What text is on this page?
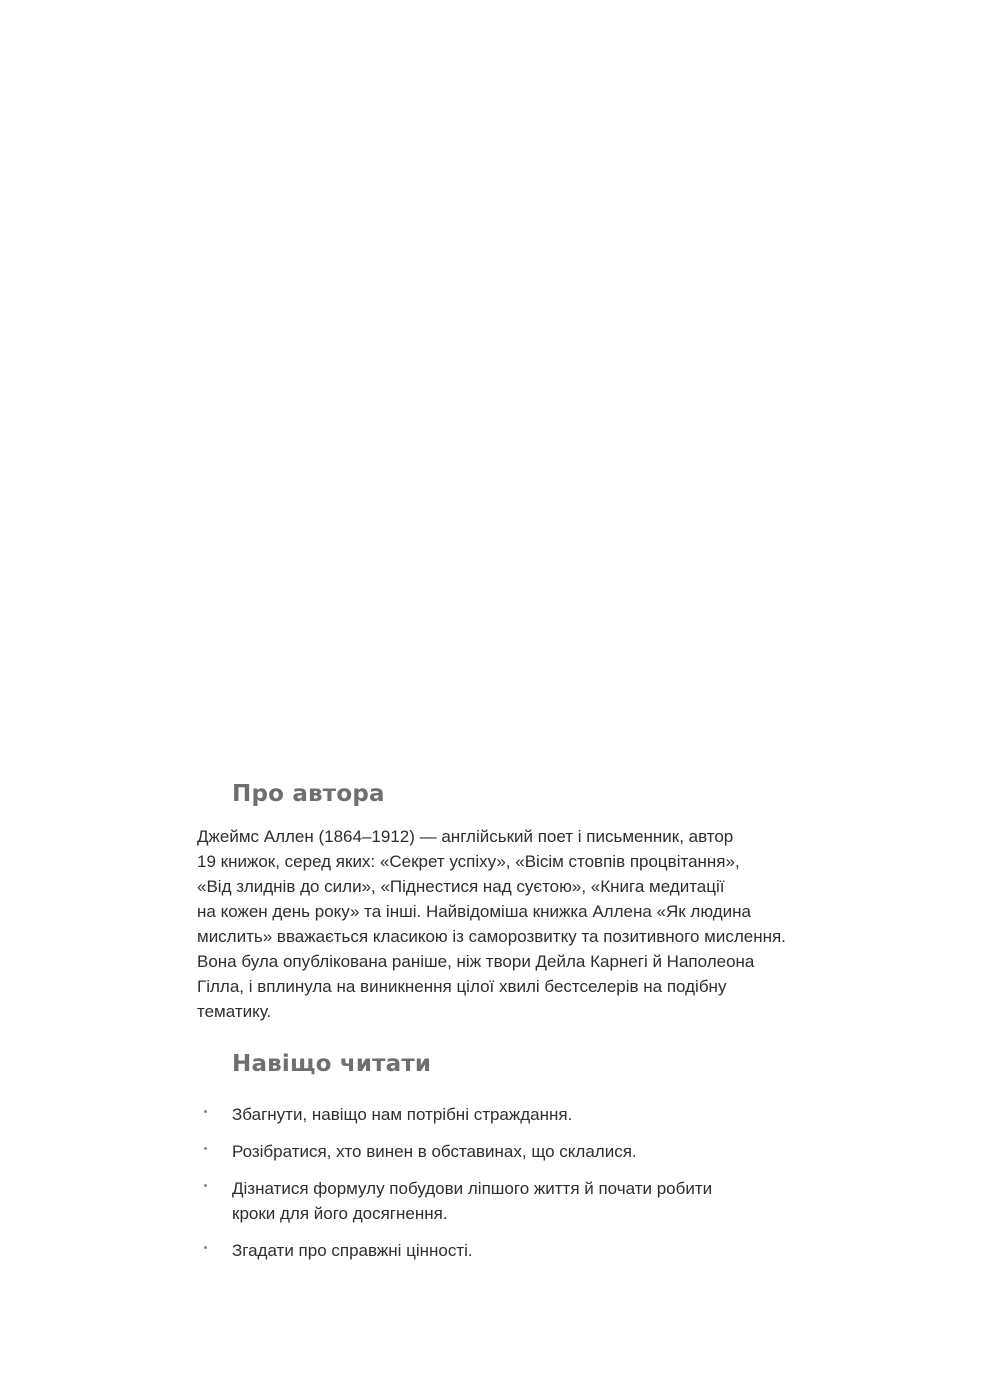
Про автора

Джеймс Аллен (1864–1912) — англійський поет і письменник, автор
19 книжок, серед яких: «Секрет успіху», «Вісім стовпів процвітання»,
«Від злиднів до сили», «Піднестися над суєтою», «Книга медитації
на кожен день року» та інші. Найвідоміша книжка Аллена «Як людина
мислить» вважається класикою із саморозвитку та позитивного мислення.
Вона була опублікована раніше, ніж твори Дейла Карнегі й Наполеона
Гілла, і вплинула на виникнення цілої хвилі бестселерів на подібну
тематику.

Навіщо читати
Збагнути, навіщо нам потрібні страждання.
Розібратися, хто винен в обставинах, що склалися.
Дізнатися формулу побудови ліпшого життя й почати робити
кроки для його досягнення.
Згадати про справжні цінності.
